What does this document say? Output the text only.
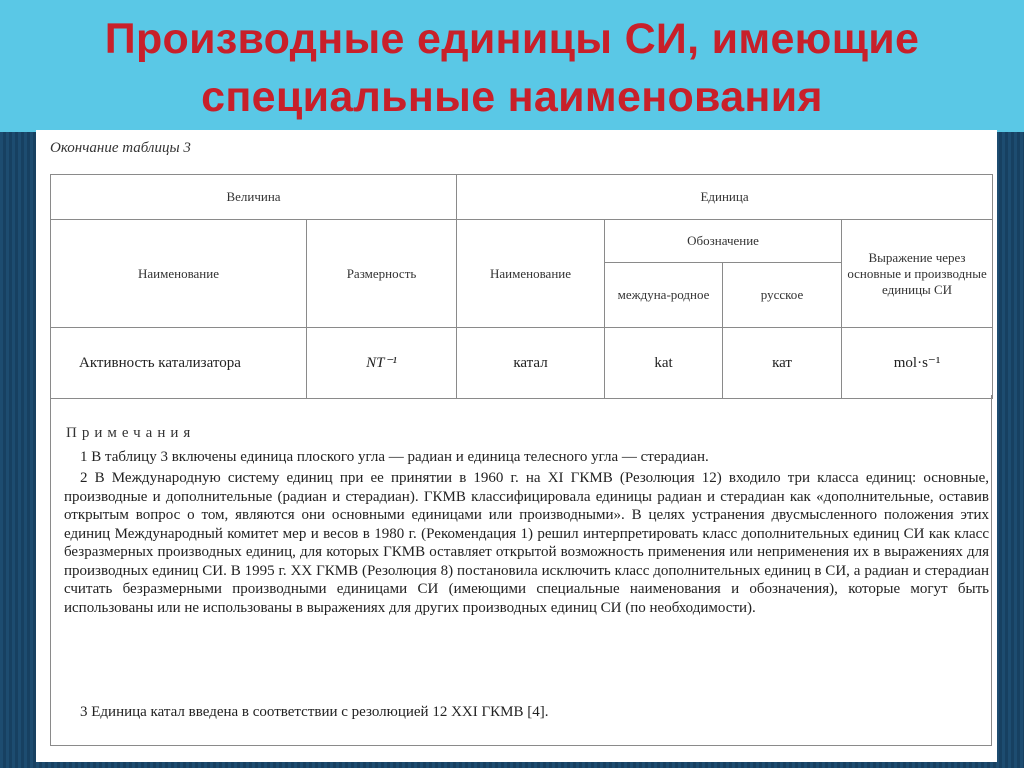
Производные единицы СИ, имеющие
специальные наименования
Окончание таблицы 3
Величина		Единица			
Наименование	Размерность	Наименование	Обозначение		Выражение через основные и производные единицы СИ
			междуна-родное	русское	
Активность катализатора	NT⁻¹	катал	kat	кат	mol·s⁻¹
Примечания

1 В таблицу 3 включены единица плоского угла — радиан и единица телесного угла — стерадиан.

2 В Международную систему единиц при ее принятии в 1960 г. на XI ГКМВ (Резолюция 12) входило три класса единиц: основные, производные и дополнительные (радиан и стерадиан). ГКМВ классифицировала единицы радиан и стерадиан как «дополнительные, оставив открытым вопрос о том, являются они основными единицами или производными». В целях устранения двусмысленного положения этих единиц Международный комитет мер и весов в 1980 г. (Рекомендация 1) решил интерпретировать класс дополнительных единиц СИ как класс безразмерных производных единиц, для которых ГКМВ оставляет открытой возможность применения или неприменения их в выражениях для производных единиц СИ. В 1995 г. XX ГКМВ (Резолюция 8) постановила исключить класс дополнительных единиц в СИ, а радиан и стерадиан считать безразмерными производными единицами СИ (имеющими специальные наименования и обозначения), которые могут быть использованы или не использованы в выражениях для других производных единиц СИ (по необходимости).

3 Единица катал введена в соответствии с резолюцией 12 XXI ГКМВ [4].
